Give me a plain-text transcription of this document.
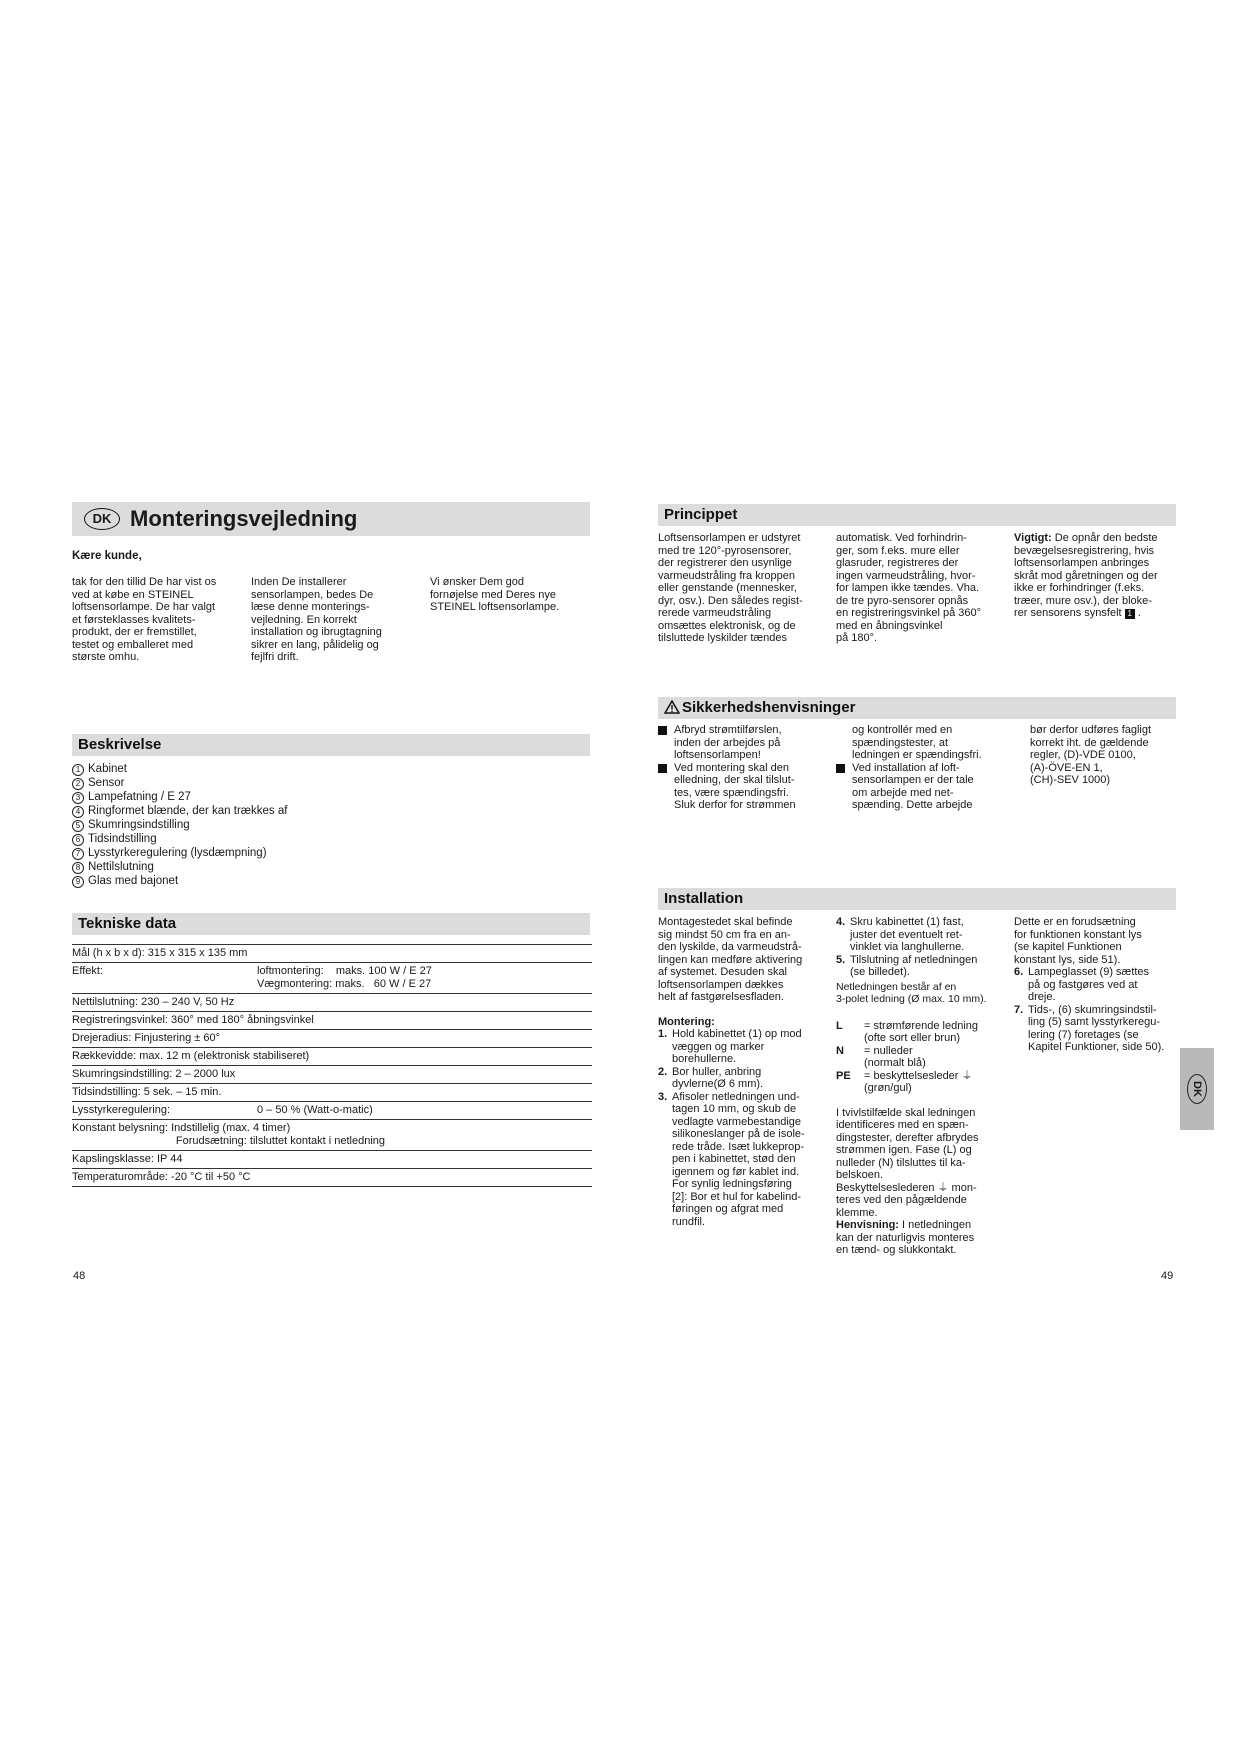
DK Monteringsvejledning
Kære kunde,

tak for den tillid De har vist os
ved at købe en STEINEL
loftsensorlampe. De har valgt
et førsteklasses kvalitets-
produkt, der er fremstillet,
testet og emballeret med
største omhu.

Inden De installerer
sensorlampen, bedes De
læse denne monterings-
vejledning. En korrekt
installation og ibrugtagning
sikrer en lang, pålidelig og
fejlfri drift.

Vi ønsker Dem god
fornøjelse med Deres nye
STEINEL loftsensorlampe.

Beskrivelse
1 Kabinet
2 Sensor
3 Lampefatning / E 27
4 Ringformet blænde, der kan trækkes af
5 Skumringsindstilling
6 Tidsindstilling
7 Lysstyrkeregulering (lysdæmpning)
8 Nettilslutning
9 Glas med bajonet
Tekniske data
Mål (h x b x d): 315 x 315 x 135 mm
Effekt:	loftmontering:    maks. 100 W / E 27
Vægmontering: maks.   60 W / E 27
Nettilslutning: 230 – 240 V, 50 Hz
Registreringsvinkel: 360° med 180° åbningsvinkel
Drejeradius: Finjustering ± 60°
Rækkevidde: max. 12 m (elektronisk stabiliseret)
Skumringsindstilling: 2 – 2000 lux
Tidsindstilling: 5 sek. – 15 min.
Lysstyrkeregulering:	0 – 50 % (Watt-o-matic)
Konstant belysning: Indstillelig (max. 4 timer)
Forudsætning: tilsluttet kontakt i netledning
Kapslingsklasse: IP 44
Temperaturområde: -20 °C til +50 °C
48
Princippet

Loftsensorlampen er udstyret
med tre 120°-pyrosensorer,
der registrerer den usynlige
varmeudstråling fra kroppen
eller genstande (mennesker,
dyr, osv.). Den således regist-
rerede varmeudstråling
omsættes elektronisk, og de
tilsluttede lyskilder tændes

automatisk. Ved forhindrin-
ger, som f.eks. mure eller
glasruder, registreres der
ingen varmeudstråling, hvor-
for lampen ikke tændes. Vha.
de tre pyro-sensorer opnås
en registreringsvinkel på 360°
med en åbningsvinkel
på 180°.

Vigtigt: De opnår den bedste
bevægelsesregistrering, hvis
loftsensorlampen anbringes
skråt mod gåretningen og der
ikke er forhindringer (f.eks.
træer, mure osv.), der bloke-
rer sensorens synsfelt 1 .

Sikkerhedshenvisninger

Afbryd strømtilførslen,
inden der arbejdes på
loftsensorlampen!

Ved montering skal den
elledning, der skal tilslut-
tes, være spændingsfri.
Sluk derfor for strømmen

og kontrollér med en
spændingstester, at
ledningen er spændingsfri.

Ved installation af loft-
sensorlampen er der tale
om arbejde med net-
spænding. Dette arbejde

bør derfor udføres fagligt
korrekt iht. de gældende
regler, (D)-VDE 0100,
(A)-ÖVE-EN 1,
(CH)-SEV 1000)

Installation

Montagestedet skal befinde
sig mindst 50 cm fra en an-
den lyskilde, da varmeudstrå-
lingen kan medføre aktivering
af systemet. Desuden skal
loftsensorlampen dækkes
helt af fastgørelsesfladen.

Montering:

1. Hold kabinettet (1) op mod
væggen og marker
borehullerne.

2. Bor huller, anbring
dyvlerne(Ø 6 mm).

3. Afisoler netledningen und-
tagen 10 mm, og skub de
vedlagte varmebestandige
silikoneslanger på de isole-
rede tråde. Isæt lukkeprop-
pen i kabinettet, stød den
igennem og før kablet ind.
For synlig ledningsføring
[2]: Bor et hul for kabelind-
føringen og afgrat med
rundfil.

4. Skru kabinettet (1) fast,
juster det eventuelt ret-
vinklet via langhullerne.

5. Tilslutning af netledningen
(se billedet).

Netledningen består af en
3-polet ledning (Ø max. 10 mm).

L = strømførende ledning
(ofte sort eller brun)

N = nulleder
(normalt blå)

PE = beskyttelsesleder ⏚
(grøn/gul)

I tvivlstilfælde skal ledningen
identificeres med en spæn-
dingstester, derefter afbrydes
strømmen igen. Fase (L) og
nulleder (N) tilsluttes til ka-
belskoen.
Beskyttelseslederen ⏚ mon-
teres ved den pågældende
klemme.

Henvisning: I netledningen
kan der naturligvis monteres
en tænd- og slukkontakt.

Dette er en forudsætning
for funktionen konstant lys
(se kapitel Funktionen
konstant lys, side 51).

6. Lampeglasset (9) sættes
på og fastgøres ved at
dreje.

7. Tids-, (6) skumringsindstil-
ling (5) samt lysstyrkeregu-
lering (7) foretages (se
Kapitel Funktioner, side 50).

DK
49
